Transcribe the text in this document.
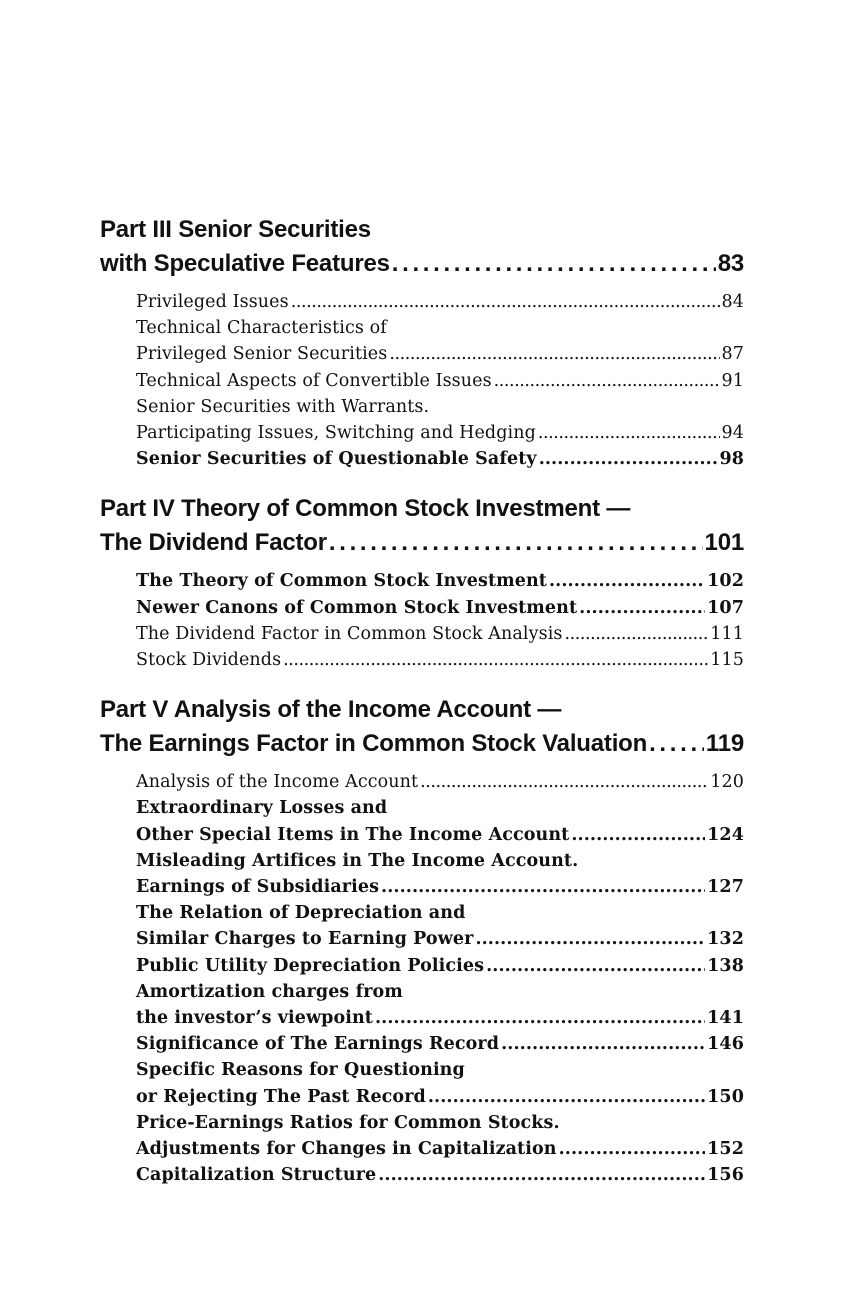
Part III Senior Securities
with Speculative Features . . .	83
Privileged Issues . . .	84
Technical Characteristics of
Privileged Senior Securities . . .	87
Technical Aspects of Convertible Issues . . .	91
Senior Securities with Warrants.
Participating Issues, Switching and Hedging . . .	94
Senior Securities of Questionable Safety . . .	98
Part IV Theory of Common Stock Investment —
The Dividend Factor . . .	101
The Theory of Common Stock Investment . . .	102
Newer Canons of Common Stock Investment . . .	107
The Dividend Factor in Common Stock Analysis . . .	111
Stock Dividends . . .	115
Part V Analysis of the Income Account —
The Earnings Factor in Common Stock Valuation . . . 119
Analysis of the Income Account . . .	120
Extraordinary Losses and
Other Special Items in The Income Account . . .	124
Misleading Artifices in The Income Account.
Earnings of Subsidiaries . . .	127
The Relation of Depreciation and
Similar Charges to Earning Power . . .	132
Public Utility Depreciation Policies . . .	138
Amortization charges from
the investor’s viewpoint . . .	141
Significance of The Earnings Record . . .	146
Specific Reasons for Questioning
or Rejecting The Past Record . . .	150
Price-Earnings Ratios for Common Stocks.
Adjustments for Changes in Capitalization . . .	152
Capitalization Structure . . .	156
